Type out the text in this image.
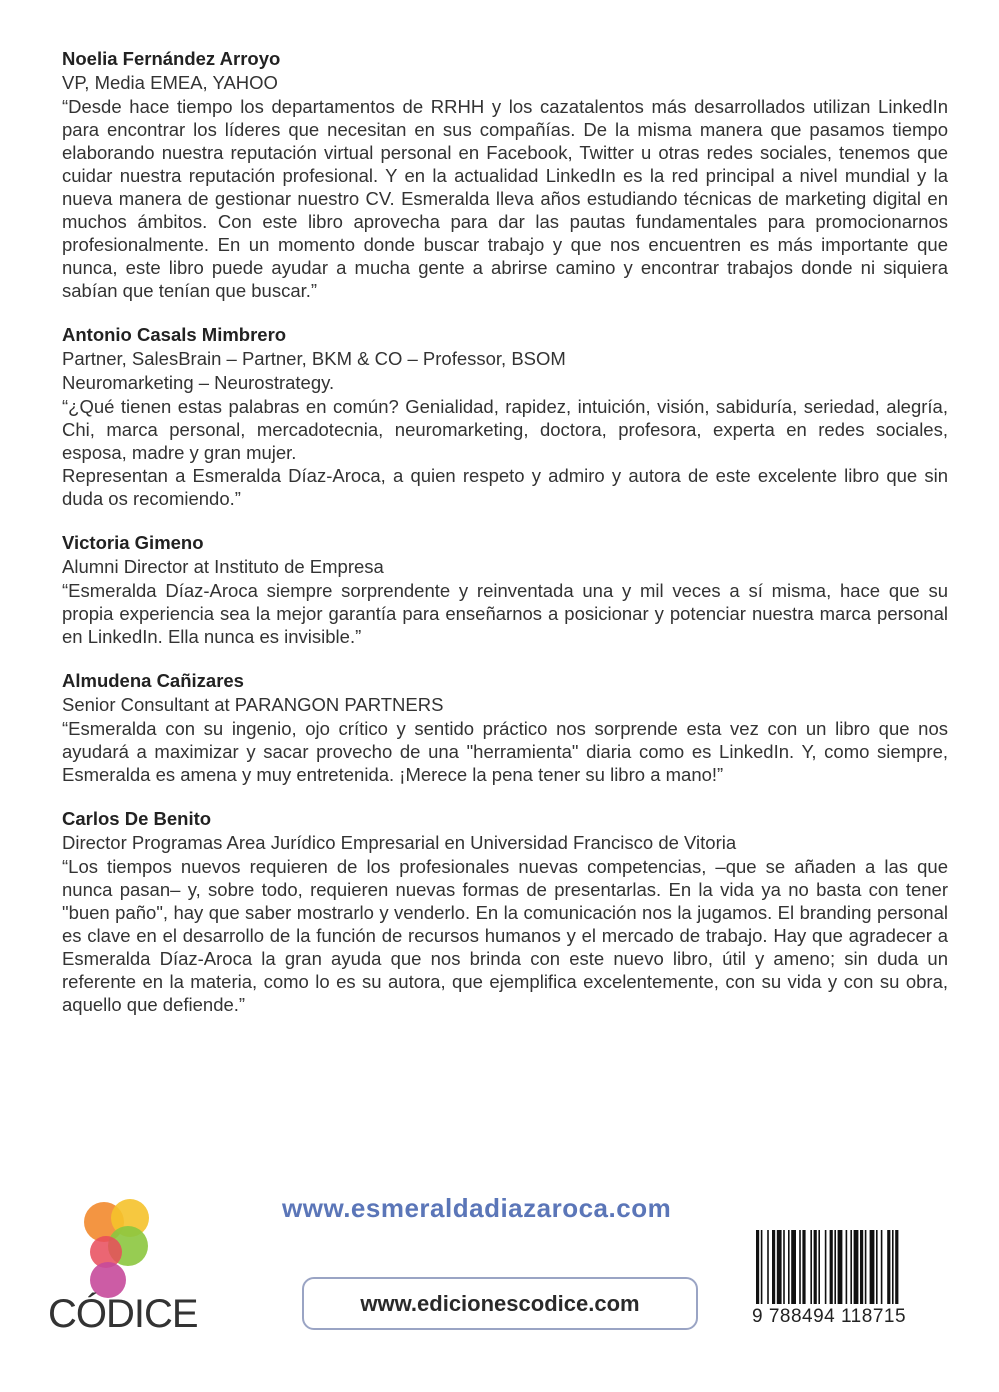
Noelia Fernández Arroyo
VP, Media EMEA, YAHOO
“Desde hace tiempo los departamentos de RRHH y los cazatalentos más desarrollados utilizan LinkedIn para encontrar los líderes que necesitan en sus compañías. De la misma manera que pasamos tiempo elaborando nuestra reputación virtual personal en Facebook, Twitter u otras redes sociales, tenemos que cuidar nuestra reputación profesional. Y en la actualidad LinkedIn es la red principal a nivel mundial y la nueva manera de gestionar nuestro CV. Esmeralda lleva años estudiando técnicas de marketing digital en muchos ámbitos. Con este libro aprovecha para dar las pautas fundamentales para promocionarnos profesionalmente. En un momento donde buscar trabajo y que nos encuentren es más importante que nunca, este libro puede ayudar a mucha gente a abrirse camino y encontrar trabajos donde ni siquiera sabían que tenían que buscar.”
Antonio Casals Mimbrero
Partner, SalesBrain – Partner, BKM & CO – Professor, BSOM
Neuromarketing – Neurostrategy.
“¿Qué tienen estas palabras en común? Genialidad, rapidez, intuición, visión, sabiduría, seriedad, alegría, Chi, marca personal, mercadotecnia, neuromarketing, doctora, profesora, experta en redes sociales, esposa, madre y gran mujer.
Representan a Esmeralda Díaz-Aroca, a quien respeto y admiro y autora de este excelente libro que sin duda os recomiendo.”
Victoria Gimeno
Alumni Director at Instituto de Empresa
“Esmeralda Díaz-Aroca siempre sorprendente y reinventada una y mil veces a sí misma, hace que su propia experiencia sea la mejor garantía para enseñarnos a posicionar y potenciar nuestra marca personal en LinkedIn. Ella nunca es invisible.”
Almudena Cañizares
Senior Consultant at PARANGON PARTNERS
“Esmeralda con su ingenio, ojo crítico y sentido práctico nos sorprende esta vez con un libro que nos ayudará a maximizar y sacar provecho de una "herramienta" diaria como es LinkedIn. Y, como siempre, Esmeralda es amena y muy entretenida. ¡Merece la pena tener su libro a mano!”
Carlos De Benito
Director Programas Area Jurídico Empresarial en Universidad Francisco de Vitoria
“Los tiempos nuevos requieren de los profesionales nuevas competencias, –que se añaden a las que nunca pasan– y, sobre todo, requieren nuevas formas de presentarlas. En la vida ya no basta con tener "buen paño", hay que saber mostrarlo y venderlo. En la comunicación nos la jugamos. El branding personal es clave en el desarrollo de la función de recursos humanos y el mercado de trabajo. Hay que agradecer a Esmeralda Díaz-Aroca la gran ayuda que nos brinda con este nuevo libro, útil y ameno; sin duda un referente en la materia, como lo es su autora, que ejemplifica excelentemente, con su vida y con su obra, aquello que defiende.”
CÓDICE
www.esmeraldadiazaroca.com
www.edicionescodice.com
9 788494 118715
